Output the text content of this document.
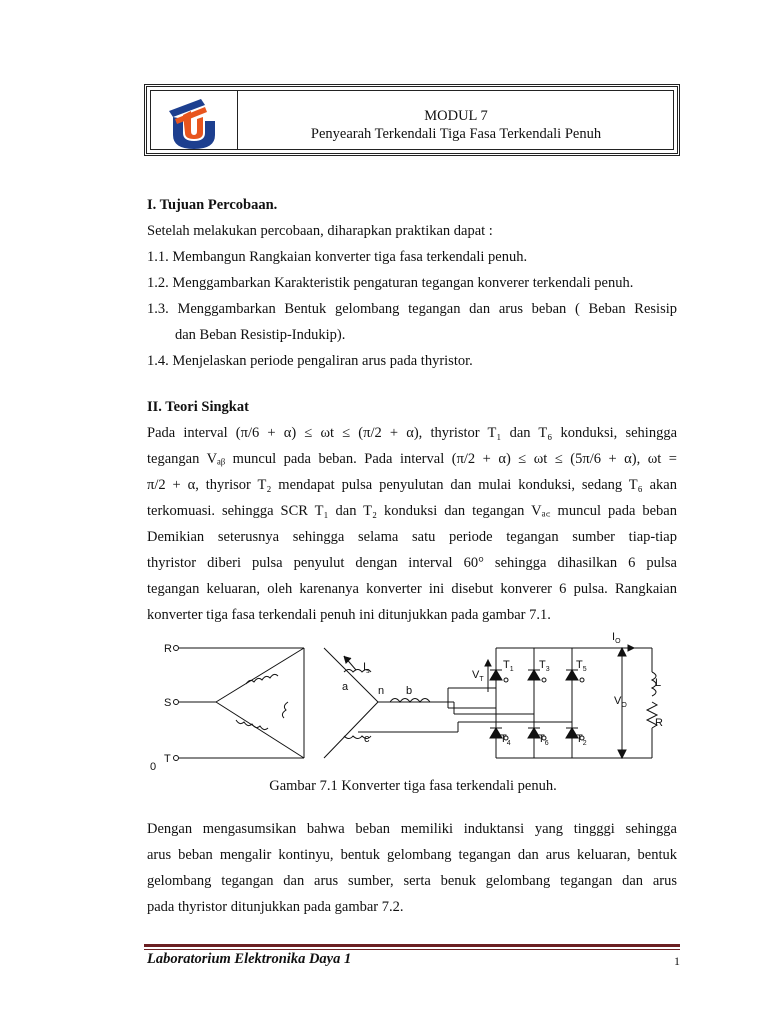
MODUL 7
Penyearah Terkendali Tiga Fasa Terkendali Penuh
I. Tujuan Percobaan.
Setelah melakukan percobaan, diharapkan praktikan dapat :
1.1. Membangun Rangkaian konverter tiga fasa terkendali penuh.
1.2. Menggambarkan Karakteristik pengaturan tegangan konverer terkendali penuh.
1.3. Menggambarkan Bentuk gelombang tegangan dan arus beban ( Beban Resisip
dan Beban Resistip-Indukip).
1.4. Menjelaskan periode pengaliran arus pada thyristor.
II. Teori Singkat
Pada interval (π/6 + α) ≤ ωt ≤ (π/2 + α), thyristor T₁ dan T₆ konduksi, sehingga
tegangan Vₐᵦ muncul pada beban. Pada interval (π/2 + α) ≤ ωt ≤ (5π/6 + α), ωt =
π/2 + α, thyrisor T₂ mendapat pulsa penyulutan dan mulai konduksi, sedang T₆ akan
terkomuasi. sehingga SCR T₁ dan T₂ konduksi dan tegangan Vₐ꜀ muncul pada beban
Demikian seterusnya sehingga selama satu periode tegangan sumber tiap-tiap
thyristor diberi pulsa penyulut dengan interval 60° sehingga dihasilkan 6 pulsa
tegangan keluaran, oleh karenanya konverter ini disebut konverer 6 pulsa. Rangkaian
konverter tiga fasa terkendali penuh ini ditunjukkan pada gambar 7.1.
R
S
T
0
$I_s$
a	n b
c
$V_T$
$T_1$ $T_3$ $T_5$
$T_4$ $T_6$ $T_2$
$I_O$
$V_O$
L
R
Gambar 7.1 Konverter tiga fasa terkendali penuh.
Dengan mengasumsikan bahwa beban memiliki induktansi yang tingggi sehingga
arus beban mengalir kontinyu, bentuk gelombang tegangan dan arus keluaran, bentuk
gelombang tegangan dan arus sumber, serta benuk gelombang tegangan dan arus
pada thyristor ditunjukkan pada gambar 7.2.
Laboratorium Elektronika Daya 1	1
